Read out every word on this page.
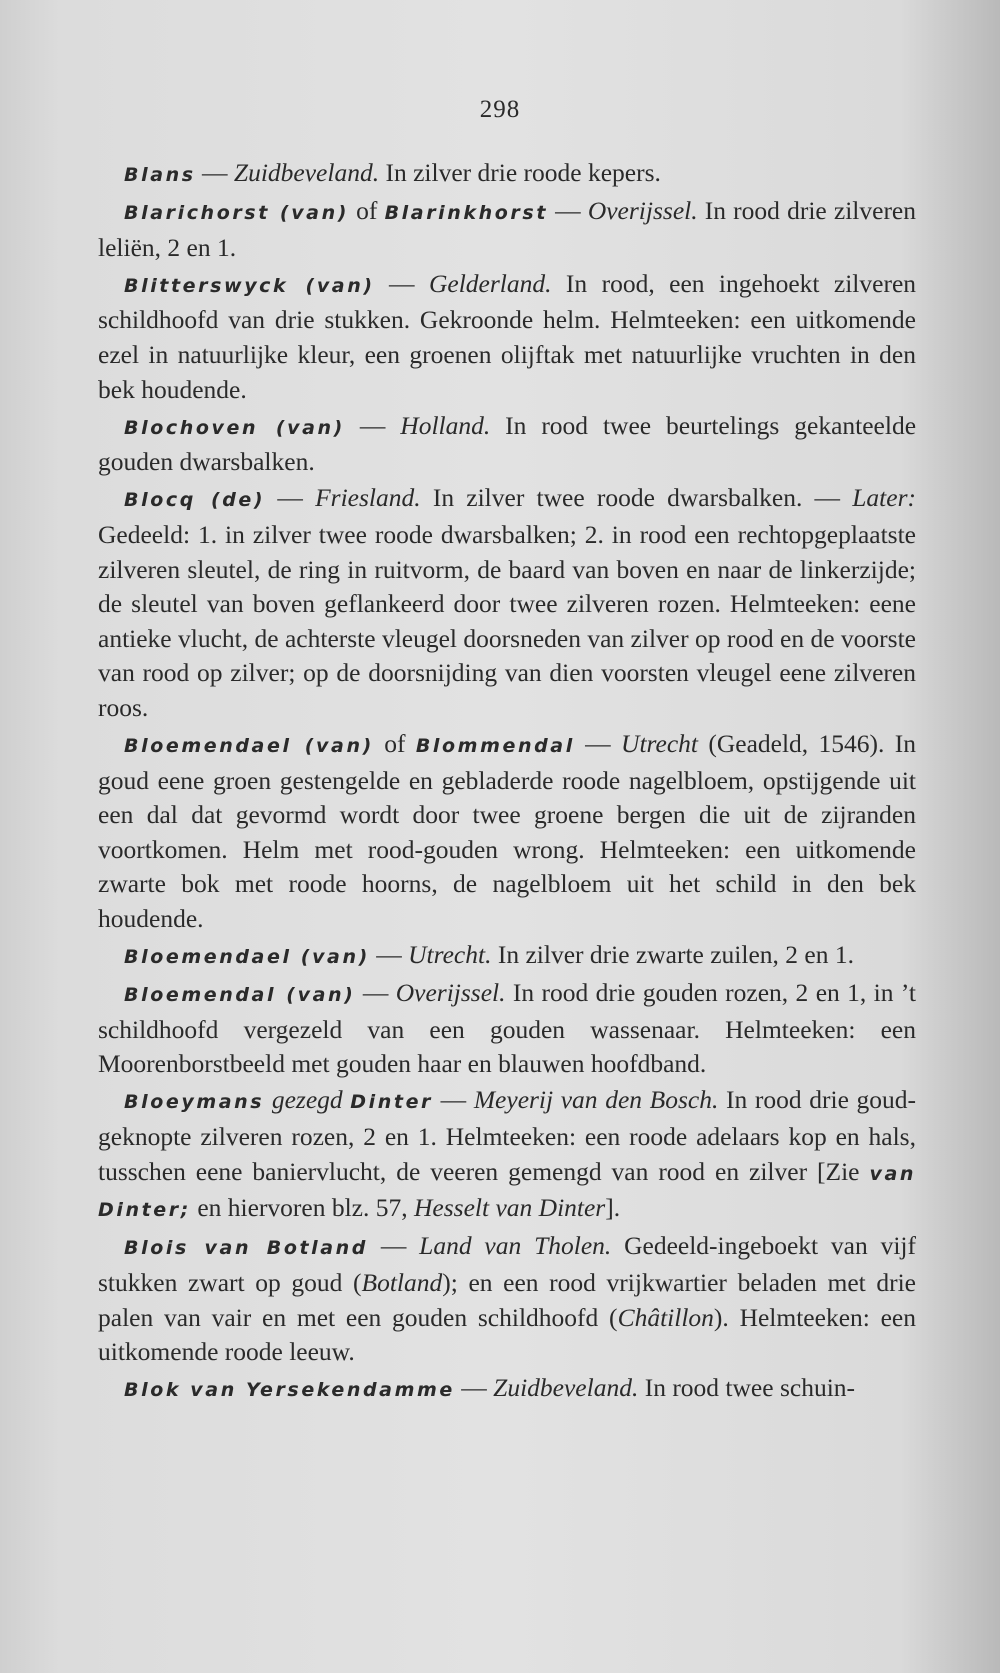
298

Blans — Zuidbeveland. In zilver drie roode kepers.

Blarichorst (van) of Blarinkhorst — Overijssel. In rood drie zilveren leliën, 2 en 1.

Blitterswyck (van) — Gelderland. In rood, een ingehoekt zilveren schildhoofd van drie stukken. Gekroonde helm. Helmteeken: een uitkomende ezel in natuurlijke kleur, een groenen olijftak met natuurlijke vruchten in den bek houdende.

Blochoven (van) — Holland. In rood twee beurtelings gekanteelde gouden dwarsbalken.

Blocq (de) — Friesland. In zilver twee roode dwarsbalken. — Later: Gedeeld: 1. in zilver twee roode dwarsbalken; 2. in rood een rechtopgeplaatste zilveren sleutel, de ring in ruitvorm, de baard van boven en naar de linkerzijde; de sleutel van boven geflankeerd door twee zilveren rozen. Helmteeken: eene antieke vlucht, de achterste vleugel doorsneden van zilver op rood en de voorste van rood op zilver; op de doorsnijding van dien voorsten vleugel eene zilveren roos.

Bloemendael (van) of Blommendal — Utrecht (Geadeld, 1546). In goud eene groen gestengelde en gebladerde roode nagelbloem, opstijgende uit een dal dat gevormd wordt door twee groene bergen die uit de zijranden voortkomen. Helm met rood-gouden wrong. Helmteeken: een uitkomende zwarte bok met roode hoorns, de nagelbloem uit het schild in den bek houdende.

Bloemendael (van) — Utrecht. In zilver drie zwarte zuilen, 2 en 1.

Bloemendal (van) — Overijssel. In rood drie gouden rozen, 2 en 1, in ’t schildhoofd vergezeld van een gouden wassenaar. Helmteeken: een Moorenborstbeeld met gouden haar en blauwen hoofdband.

Bloeymans gezegd Dinter — Meyerij van den Bosch. In rood drie goud-geknopte zilveren rozen, 2 en 1. Helmteeken: een roode adelaars kop en hals, tusschen eene baniervlucht, de veeren gemengd van rood en zilver [Zie van Dinter; en hiervoren blz. 57, Hesselt van Dinter].

Blois van Botland — Land van Tholen. Gedeeld-ingeboekt van vijf stukken zwart op goud (Botland); en een rood vrijkwartier beladen met drie palen van vair en met een gouden schildhoofd (Châtillon). Helmteeken: een uitkomende roode leeuw.

Blok van Yersekendamme — Zuidbeveland. In rood twee schuin-
